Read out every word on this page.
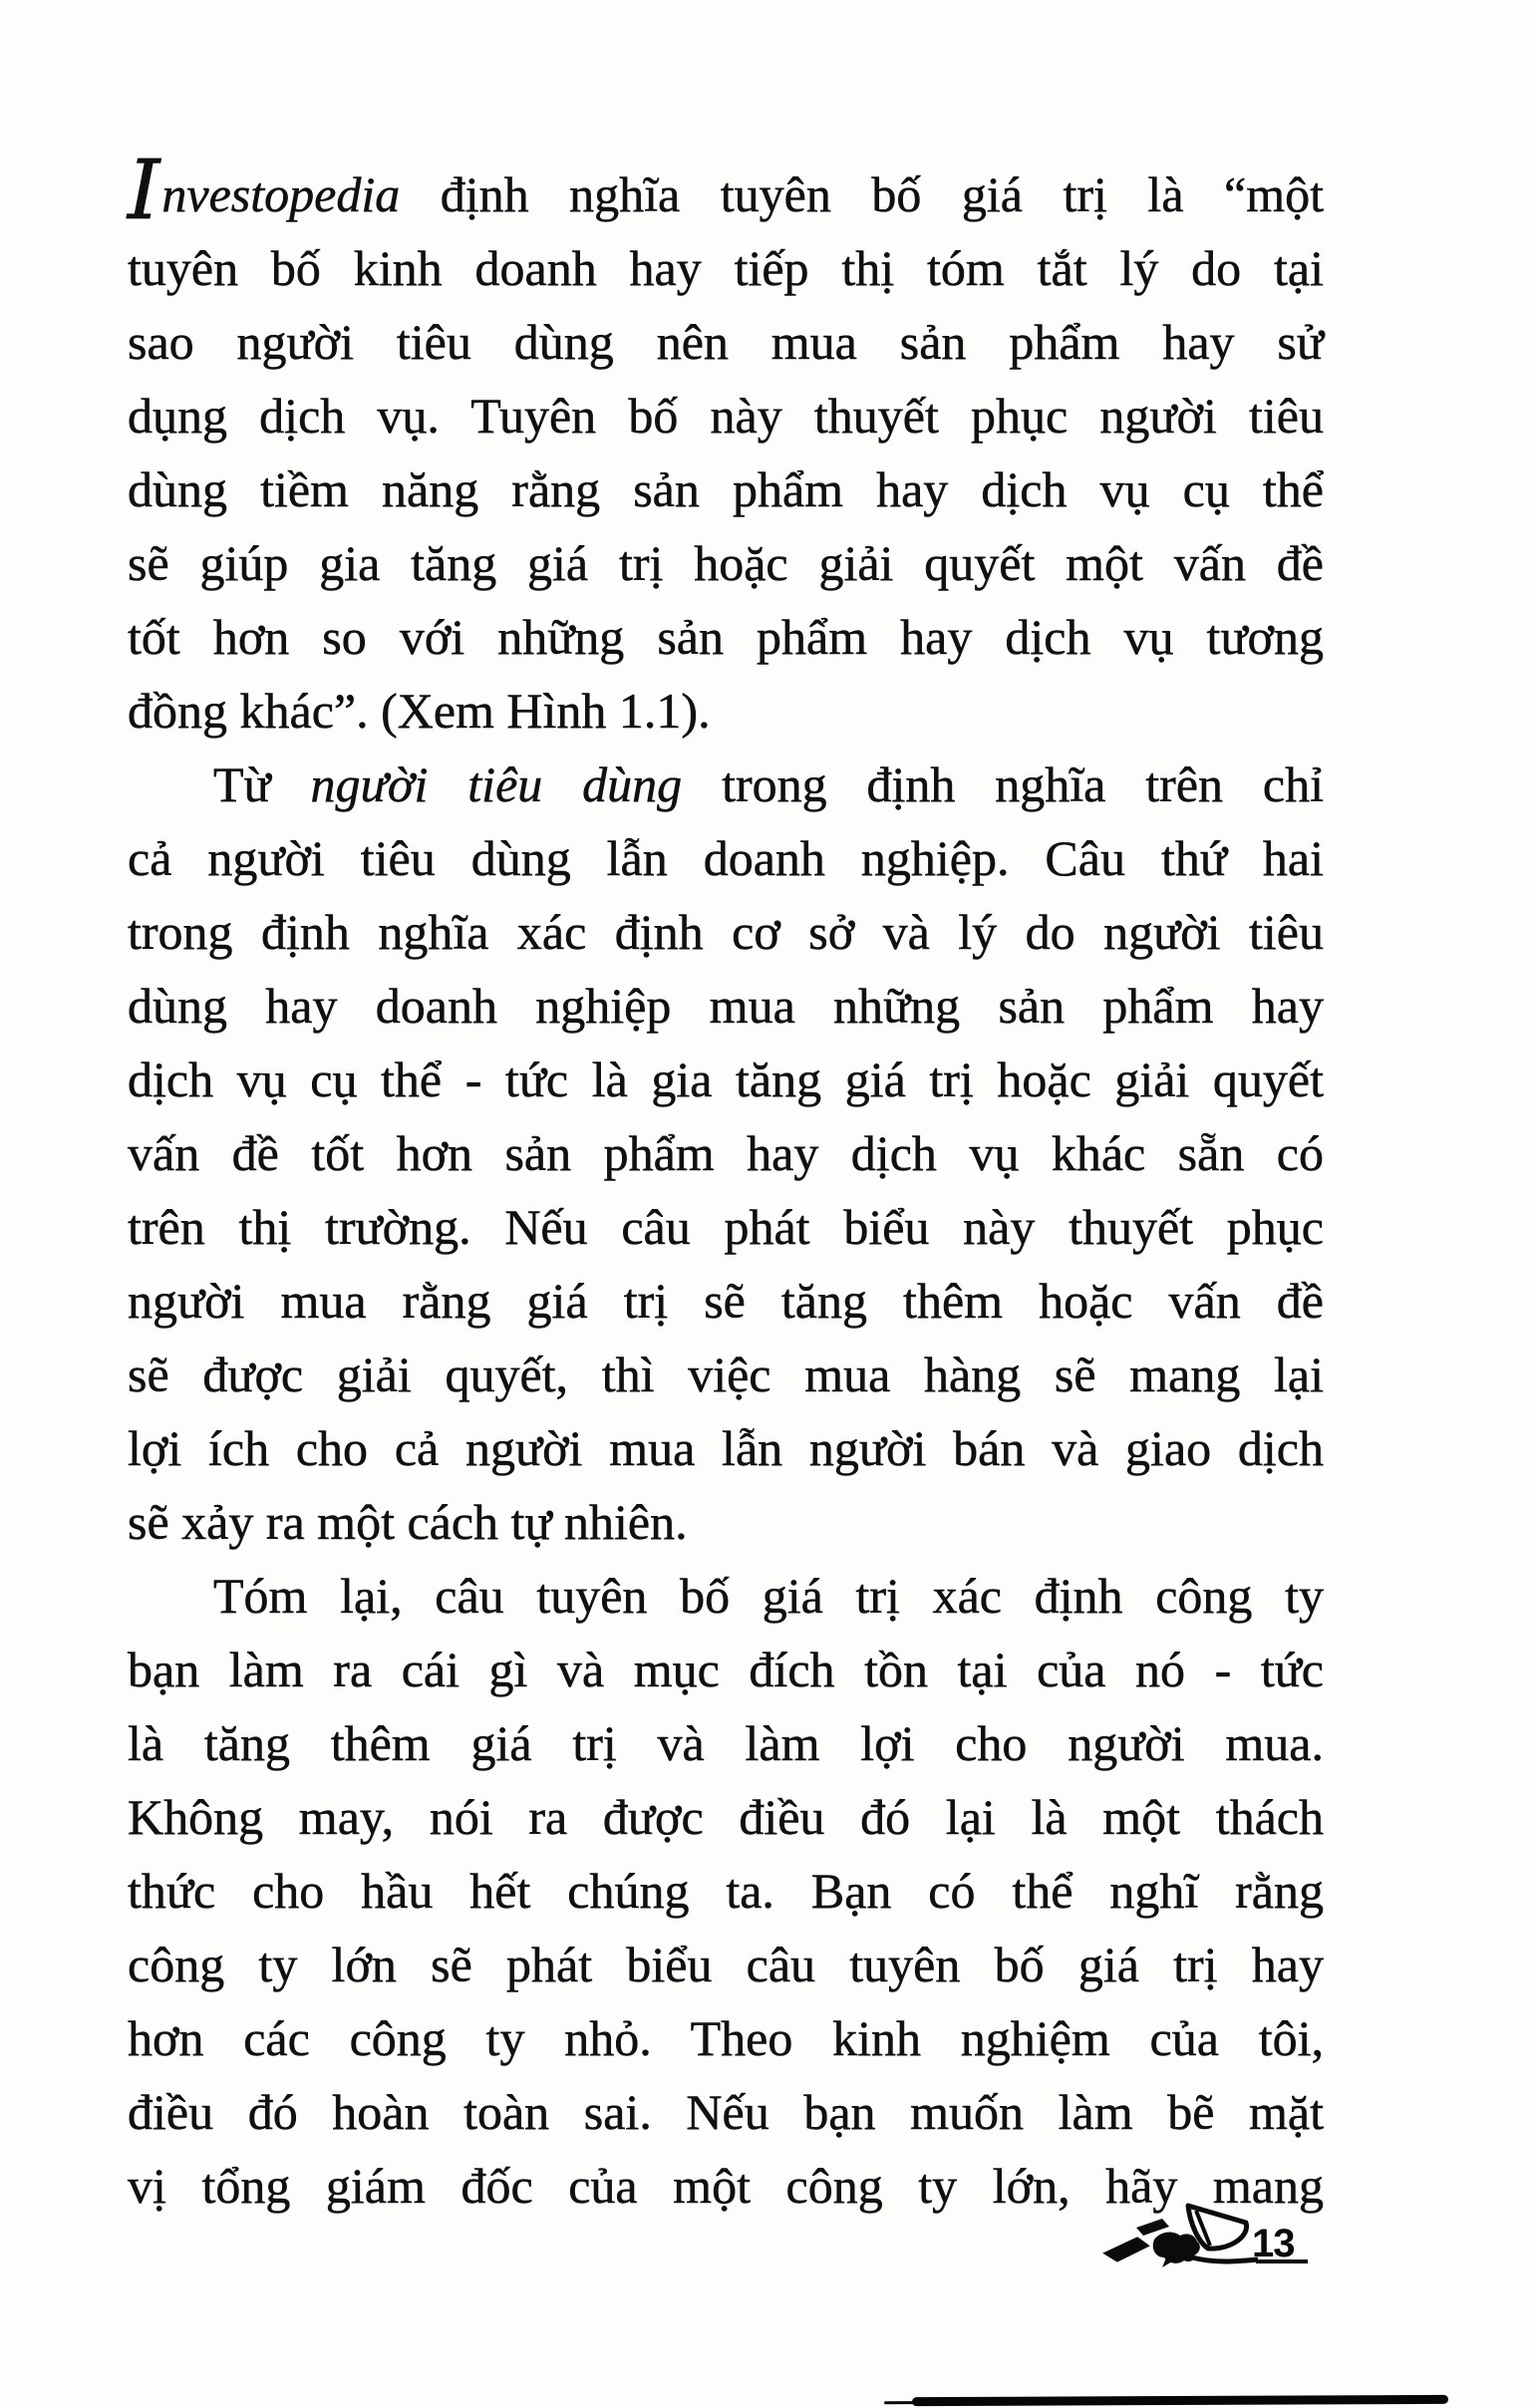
Investopedia định nghĩa tuyên bố giá trị là “một
tuyên bố kinh doanh hay tiếp thị tóm tắt lý do tại
sao người tiêu dùng nên mua sản phẩm hay sử
dụng dịch vụ. Tuyên bố này thuyết phục người tiêu
dùng tiềm năng rằng sản phẩm hay dịch vụ cụ thể
sẽ giúp gia tăng giá trị hoặc giải quyết một vấn đề
tốt hơn so với những sản phẩm hay dịch vụ tương
đồng khác”. (Xem Hình 1.1).
Từ người tiêu dùng trong định nghĩa trên chỉ
cả người tiêu dùng lẫn doanh nghiệp. Câu thứ hai
trong định nghĩa xác định cơ sở và lý do người tiêu
dùng hay doanh nghiệp mua những sản phẩm hay
dịch vụ cụ thể - tức là gia tăng giá trị hoặc giải quyết
vấn đề tốt hơn sản phẩm hay dịch vụ khác sẵn có
trên thị trường. Nếu câu phát biểu này thuyết phục
người mua rằng giá trị sẽ tăng thêm hoặc vấn đề
sẽ được giải quyết, thì việc mua hàng sẽ mang lại
lợi ích cho cả người mua lẫn người bán và giao dịch
sẽ xảy ra một cách tự nhiên.
Tóm lại, câu tuyên bố giá trị xác định công ty
bạn làm ra cái gì và mục đích tồn tại của nó - tức
là tăng thêm giá trị và làm lợi cho người mua.
Không may, nói ra được điều đó lại là một thách
thức cho hầu hết chúng ta. Bạn có thể nghĩ rằng
công ty lớn sẽ phát biểu câu tuyên bố giá trị hay
hơn các công ty nhỏ. Theo kinh nghiệm của tôi,
điều đó hoàn toàn sai. Nếu bạn muốn làm bẽ mặt
vị tổng giám đốc của một công ty lớn, hãy mang
13
